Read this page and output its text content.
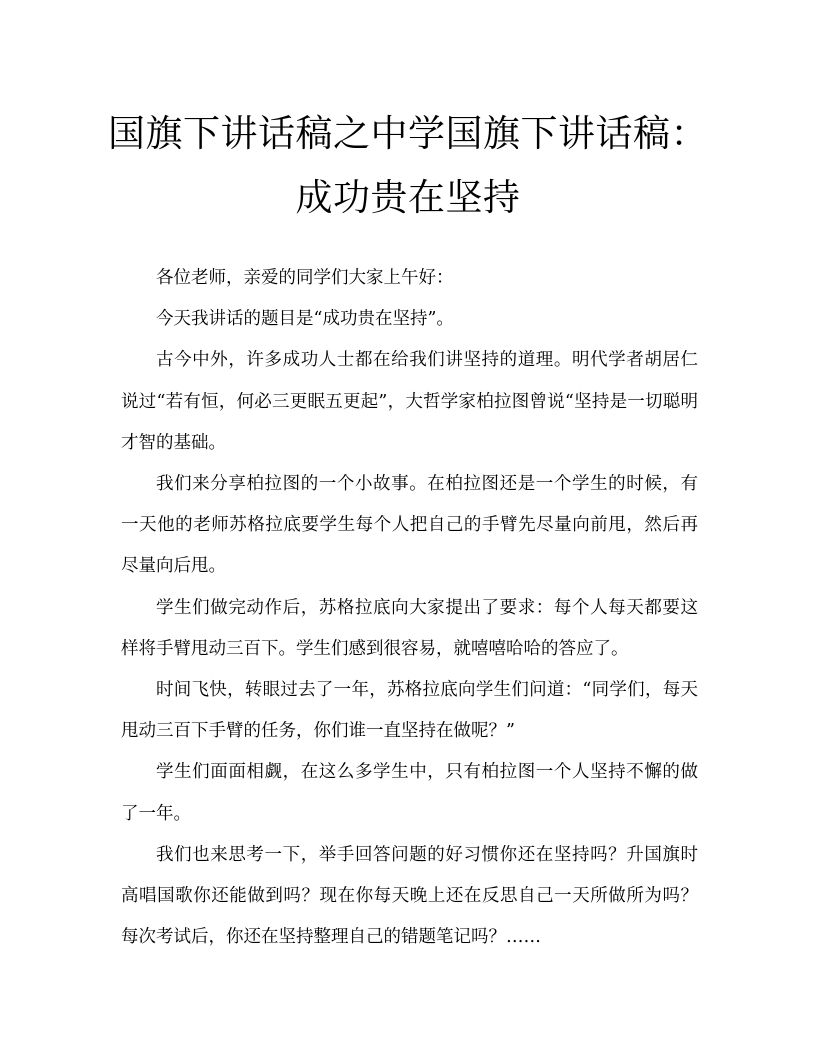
国旗下讲话稿之中学国旗下讲话稿：成功贵在坚持

各位老师，亲爱的同学们大家上午好：

今天我讲话的题目是“成功贵在坚持”。

古今中外，许多成功人士都在给我们讲坚持的道理。明代学者胡居仁说过“若有恒，何必三更眠五更起”，大哲学家柏拉图曾说“坚持是一切聪明才智的基础。

我们来分享柏拉图的一个小故事。在柏拉图还是一个学生的时候，有一天他的老师苏格拉底要学生每个人把自己的手臂先尽量向前甩，然后再尽量向后甩。

学生们做完动作后，苏格拉底向大家提出了要求：每个人每天都要这样将手臂甩动三百下。学生们感到很容易，就嘻嘻哈哈的答应了。

时间飞快，转眼过去了一年，苏格拉底向学生们问道：“同学们，每天甩动三百下手臂的任务，你们谁一直坚持在做呢？”

学生们面面相觑，在这么多学生中，只有柏拉图一个人坚持不懈的做了一年。

我们也来思考一下，举手回答问题的好习惯你还在坚持吗？升国旗时高唱国歌你还能做到吗？现在你每天晚上还在反思自己一天所做所为吗？每次考试后，你还在坚持整理自己的错题笔记吗？……
